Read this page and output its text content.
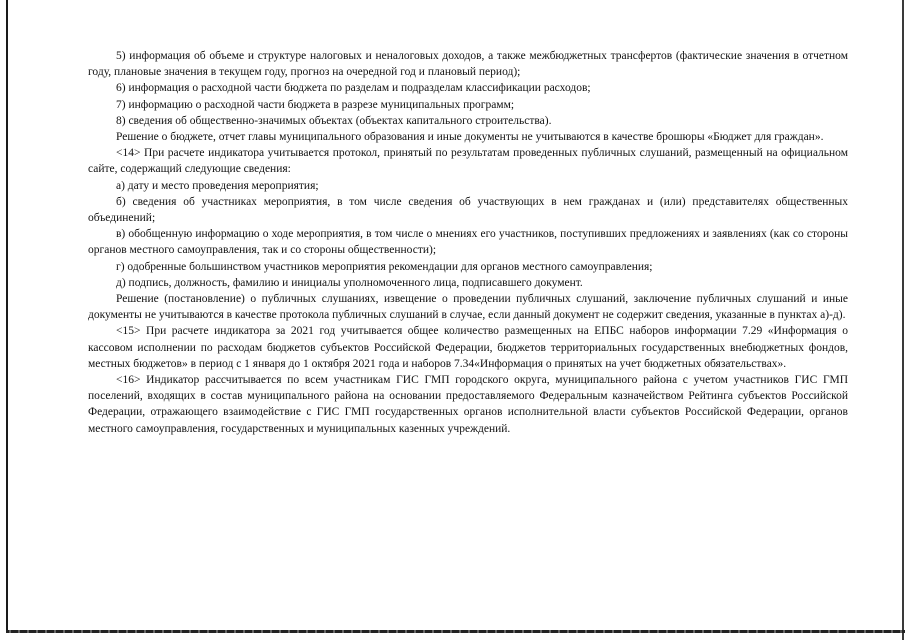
5) информация об объеме и структуре налоговых и неналоговых доходов, а также межбюджетных трансфертов (фактические значения в отчетном году, плановые значения в текущем году, прогноз на очередной год и плановый период);

6) информация о расходной части бюджета по разделам и подразделам классификации расходов;

7) информацию о расходной части бюджета в разрезе муниципальных программ;

8) сведения об общественно-значимых объектах (объектах капитального строительства).

Решение о бюджете, отчет главы муниципального образования и иные документы не учитываются в качестве брошюры «Бюджет для граждан».

<14> При расчете индикатора учитывается протокол, принятый по результатам проведенных публичных слушаний, размещенный на официальном сайте, содержащий следующие сведения:

а) дату и место проведения мероприятия;

б) сведения об участниках мероприятия, в том числе сведения об участвующих в нем гражданах и (или) представителях общественных объединений;

в) обобщенную информацию о ходе мероприятия, в том числе о мнениях его участников, поступивших предложениях и заявлениях (как со стороны органов местного самоуправления, так и со стороны общественности);

г) одобренные большинством участников мероприятия рекомендации для органов местного самоуправления;

д) подпись, должность, фамилию и инициалы уполномоченного лица, подписавшего документ.

Решение (постановление) о публичных слушаниях, извещение о проведении публичных слушаний, заключение публичных слушаний и иные документы не учитываются в качестве протокола публичных слушаний в случае, если данный документ не содержит сведения, указанные в пунктах а)-д).

<15> При расчете индикатора за 2021 год учитывается общее количество размещенных на ЕПБС наборов информации 7.29 «Информация о кассовом исполнении по расходам бюджетов субъектов Российской Федерации, бюджетов территориальных государственных внебюджетных фондов, местных бюджетов» в период с 1 января до 1 октября 2021 года и наборов 7.34«Информация о принятых на учет бюджетных обязательствах».

<16> Индикатор рассчитывается по всем участникам ГИС ГМП городского округа, муниципального района с учетом участников ГИС ГМП поселений, входящих в состав муниципального района на основании предоставляемого Федеральным казначейством Рейтинга субъектов Российской Федерации, отражающего взаимодействие с ГИС ГМП государственных органов исполнительной власти субъектов Российской Федерации, органов местного самоуправления, государственных и муниципальных казенных учреждений.
